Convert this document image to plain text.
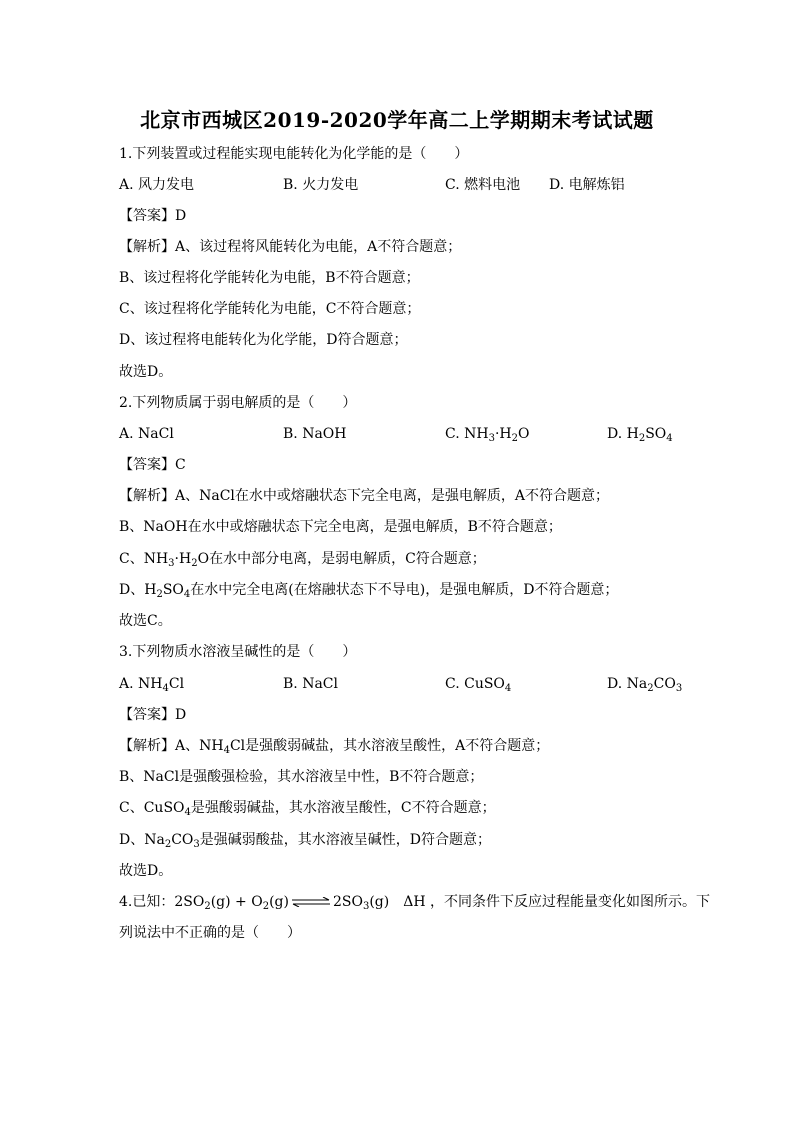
北京市西城区2019-2020学年高二上学期期末考试试题
1.下列装置或过程能实现电能转化为化学能的是（　　）
A. 风力发电	B. 火力发电	C. 燃料电池 D. 电解炼铝
【答案】D
【解析】A、该过程将风能转化为电能，A不符合题意；
B、该过程将化学能转化为电能，B不符合题意；
C、该过程将化学能转化为电能，C不符合题意；
D、该过程将电能转化为化学能，D符合题意；
故选D。
2.下列物质属于弱电解质的是（　　）
A. NaCl	B. NaOH	C. $NH_3\cdot H_2O$	D. $H_2SO_4$
【答案】C
【解析】A、NaCl在水中或熔融状态下完全电离，是强电解质，A不符合题意；
B、NaOH在水中或熔融状态下完全电离，是强电解质，B不符合题意；
C、$NH_3\cdot H_2O$在水中部分电离，是弱电解质，C符合题意；
D、$H_2SO_4$在水中完全电离(在熔融状态下不导电)，是强电解质，D不符合题意；
故选C。
3.下列物质水溶液呈碱性的是（　　）
A. $NH_4Cl$	B. NaCl	C. CuSO$_4$	D. $Na_2CO_3$
【答案】D
【解析】A、$NH_4Cl$是强酸弱碱盐，其水溶液呈酸性，A不符合题意；
B、NaCl是强酸强检验，其水溶液呈中性，B不符合题意；
C、CuSO$_4$是强酸弱碱盐，其水溶液呈酸性，C不符合题意；
D、$Na_2CO_3$是强碱弱酸盐，其水溶液呈碱性，D符合题意；
故选D。
4.已知：$2SO_2(g) + O_2(g)$ ⇌ $2SO_3(g)$　ΔH ，不同条件下反应过程能量变化如图所示。下
列说法中不正确的是（　　）
